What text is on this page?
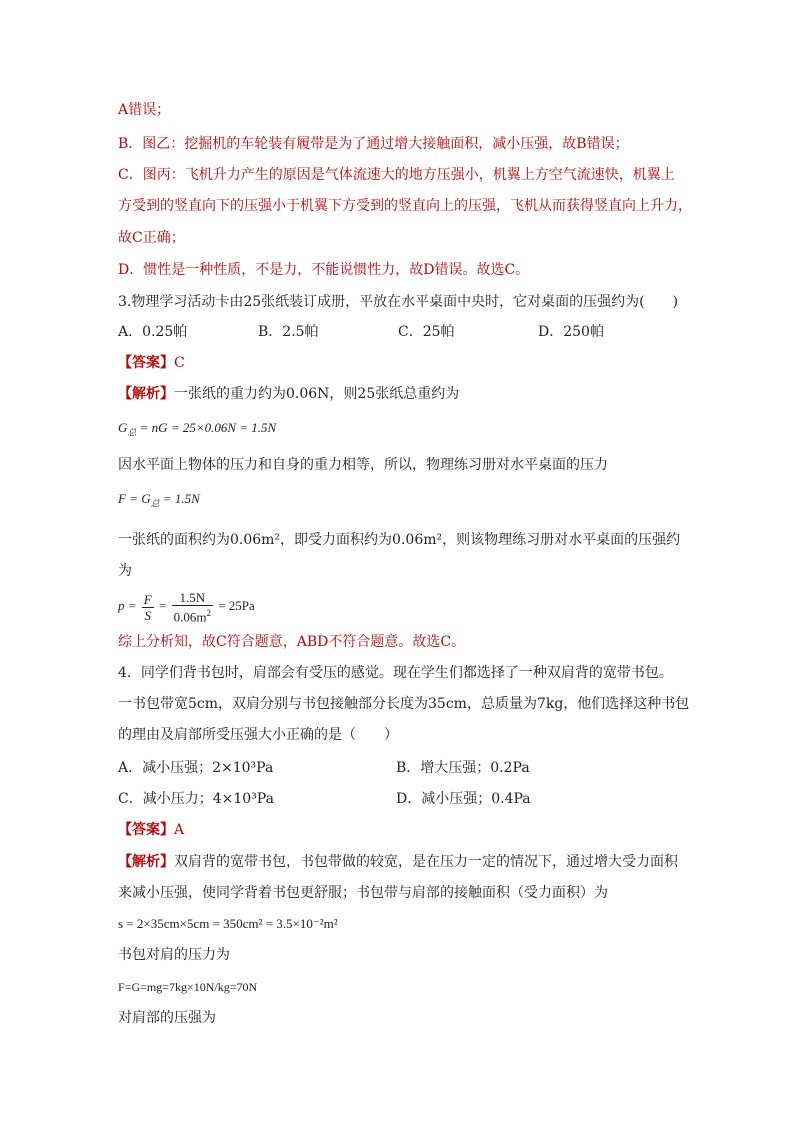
A错误；
B．图乙：挖掘机的车轮装有履带是为了通过增大接触面积，减小压强，故B错误；
C．图丙：飞机升力产生的原因是气体流速大的地方压强小，机翼上方空气流速快，机翼上
方受到的竖直向下的压强小于机翼下方受到的竖直向上的压强，飞机从而获得竖直向上升力，
故C正确；
D．惯性是一种性质，不是力，不能说惯性力，故D错误。故选C。
3.物理学习活动卡由25张纸装订成册，平放在水平桌面中央时，它对桌面的压强约为(　　)
A．0.25帕	B．2.5帕	C．25帕	D．250帕
【答案】C
【解析】一张纸的重力约为0.06N，则25张纸总重约为
$G_总$ = nG = 25×0.06N = 1.5N
因水平面上物体的压力和自身的重力相等，所以，物理练习册对水平桌面的压力
$F = G_总 = 1.5N$
一张纸的面积约为0.06m²，即受力面积约为0.06m²，则该物理练习册对水平桌面的压强约
为
$p = \frac{F}{S} = \frac{1.5N}{0.06m^2} = 25Pa$
综上分析知，故C符合题意，ABD不符合题意。故选C。
4．同学们背书包时，肩部会有受压的感觉。现在学生们都选择了一种双肩背的宽带书包。
一书包带宽5cm，双肩分别与书包接触部分长度为35cm，总质量为7kg，他们选择这种书包
的理由及肩部所受压强大小正确的是（　　）
A．减小压强；2×10³Pa	B．增大压强；0.2Pa
C．减小压力；4×10³Pa	D．减小压强；0.4Pa
【答案】A
【解析】双肩背的宽带书包，书包带做的较宽，是在压力一定的情况下，通过增大受力面积
来减小压强，使同学背着书包更舒服；书包带与肩部的接触面积（受力面积）为
s = 2×35cm×5cm = 350cm² = 3.5×10⁻²m²
书包对肩的压力为
F=G=mg=7kg×10N/kg=70N
对肩部的压强为
